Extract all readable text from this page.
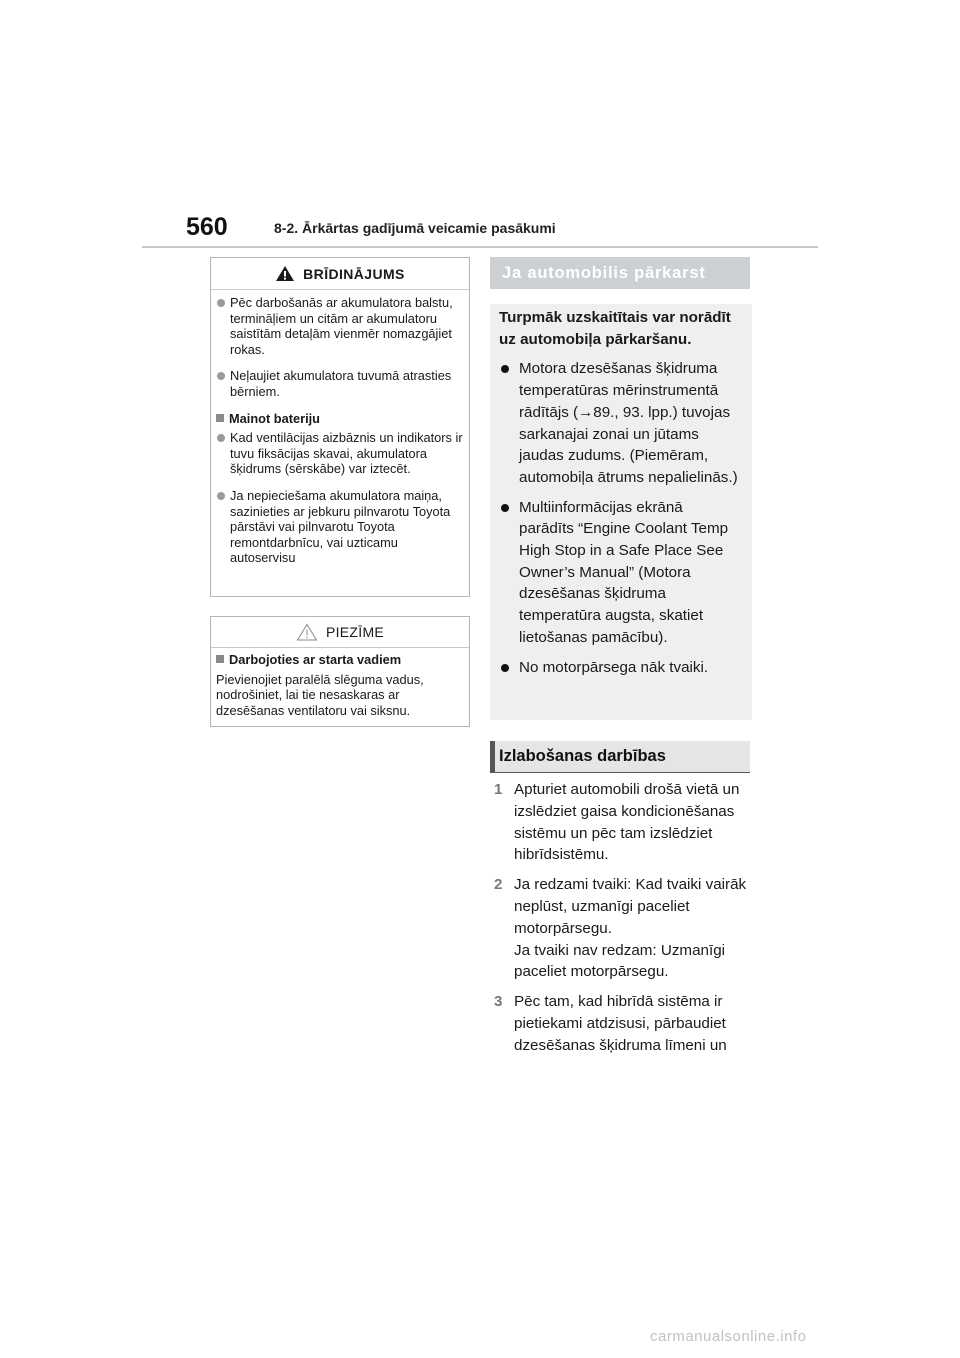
560	8-2. Ārkārtas gadījumā veicamie pasākumi
BRĪDINĀJUMS

Pēc darbošanās ar akumulatora balstu, termināļiem un citām ar akumulatoru saistītām detaļām vienmēr nomazgājiet rokas.

Neļaujiet akumulatora tuvumā atrasties bērniem.

Mainot bateriju

Kad ventilācijas aizbāznis un indikators ir tuvu fiksācijas skavai, akumulatora šķidrums (sērskābe) var iztecēt.

Ja nepieciešama akumulatora maiņa, sazinieties ar jebkuru pilnvarotu Toyota pārstāvi vai pilnvarotu Toyota remontdarbnīcu, vai uzticamu autoservisu

PIEZĪME

Darbojoties ar starta vadiem

Pievienojiet paralēlā slēguma vadus, nodrošiniet, lai tie nesaskaras ar dzesēšanas ventilatoru vai siksnu.

Ja automobilis pārkarst

Turpmāk uzskaitītais var norādīt uz automobiļa pārkaršanu.

Motora dzesēšanas šķidruma temperatūras mērinstrumentā rādītājs (→89., 93. lpp.) tuvojas sarkanajai zonai un jūtams jaudas zudums. (Piemēram, automobiļa ātrums nepalielinās.)

Multiinformācijas ekrānā parādīts “Engine Coolant Temp High Stop in a Safe Place See Owner’s Manual” (Motora dzesēšanas šķidruma temperatūra augsta, skatiet lietošanas pamācību).

No motorpārsega nāk tvaiki.

Izlabošanas darbības
1 Apturiet automobili drošā vietā un izslēdziet gaisa kondicionēšanas sistēmu un pēc tam izslēdziet hibrīdsistēmu.
2 Ja redzami tvaiki: Kad tvaiki vairāk neplūst, uzmanīgi paceliet motorpārsegu.
Ja tvaiki nav redzam: Uzmanīgi paceliet motorpārsegu.
3 Pēc tam, kad hibrīdā sistēma ir pietiekami atdzisusi, pārbaudiet dzesēšanas šķidruma līmeni un
carmanualsonline.info
